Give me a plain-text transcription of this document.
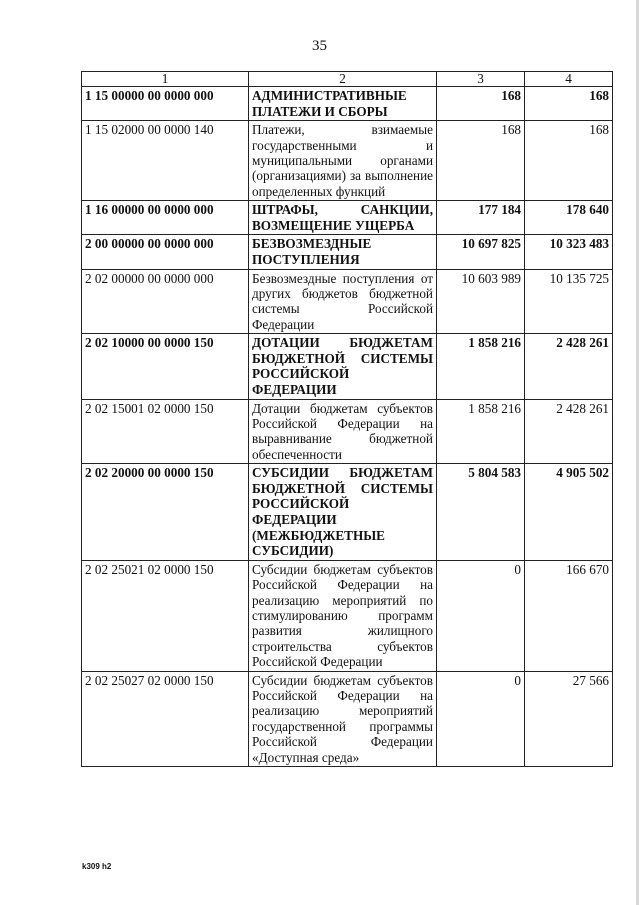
35
1	2	3	4
1 15 00000 00 0000 000	АДМИНИСТРАТИВНЫЕ ПЛАТЕЖИ И СБОРЫ	168	168
1 15 02000 00 0000 140	Платежи, взимаемые государственными и муниципальными органами (организациями) за выполнение определенных функций	168	168
1 16 00000 00 0000 000	ШТРАФЫ, САНКЦИИ, ВОЗМЕЩЕНИЕ УЩЕРБА	177 184	178 640
2 00 00000 00 0000 000	БЕЗВОЗМЕЗДНЫЕ ПОСТУПЛЕНИЯ	10 697 825	10 323 483
2 02 00000 00 0000 000	Безвозмездные поступления от других бюджетов бюджетной системы Российской Федерации	10 603 989	10 135 725
2 02 10000 00 0000 150	ДОТАЦИИ БЮДЖЕТАМ БЮДЖЕТНОЙ СИСТЕМЫ РОССИЙСКОЙ ФЕДЕРАЦИИ	1 858 216	2 428 261
2 02 15001 02 0000 150	Дотации бюджетам субъектов Российской Федерации на выравнивание бюджетной обеспеченности	1 858 216	2 428 261
2 02 20000 00 0000 150	СУБСИДИИ БЮДЖЕТАМ БЮДЖЕТНОЙ СИСТЕМЫ РОССИЙСКОЙ ФЕДЕРАЦИИ (МЕЖБЮДЖЕТНЫЕ СУБСИДИИ)	5 804 583	4 905 502
2 02 25021 02 0000 150	Субсидии бюджетам субъектов Российской Федерации на реализацию мероприятий по стимулированию программ развития жилищного строительства субъектов Российской Федерации	0	166 670
2 02 25027 02 0000 150	Субсидии бюджетам субъектов Российской Федерации на реализацию мероприятий государственной программы Российской Федерации «Доступная среда»	0	27 566
k309 h2
